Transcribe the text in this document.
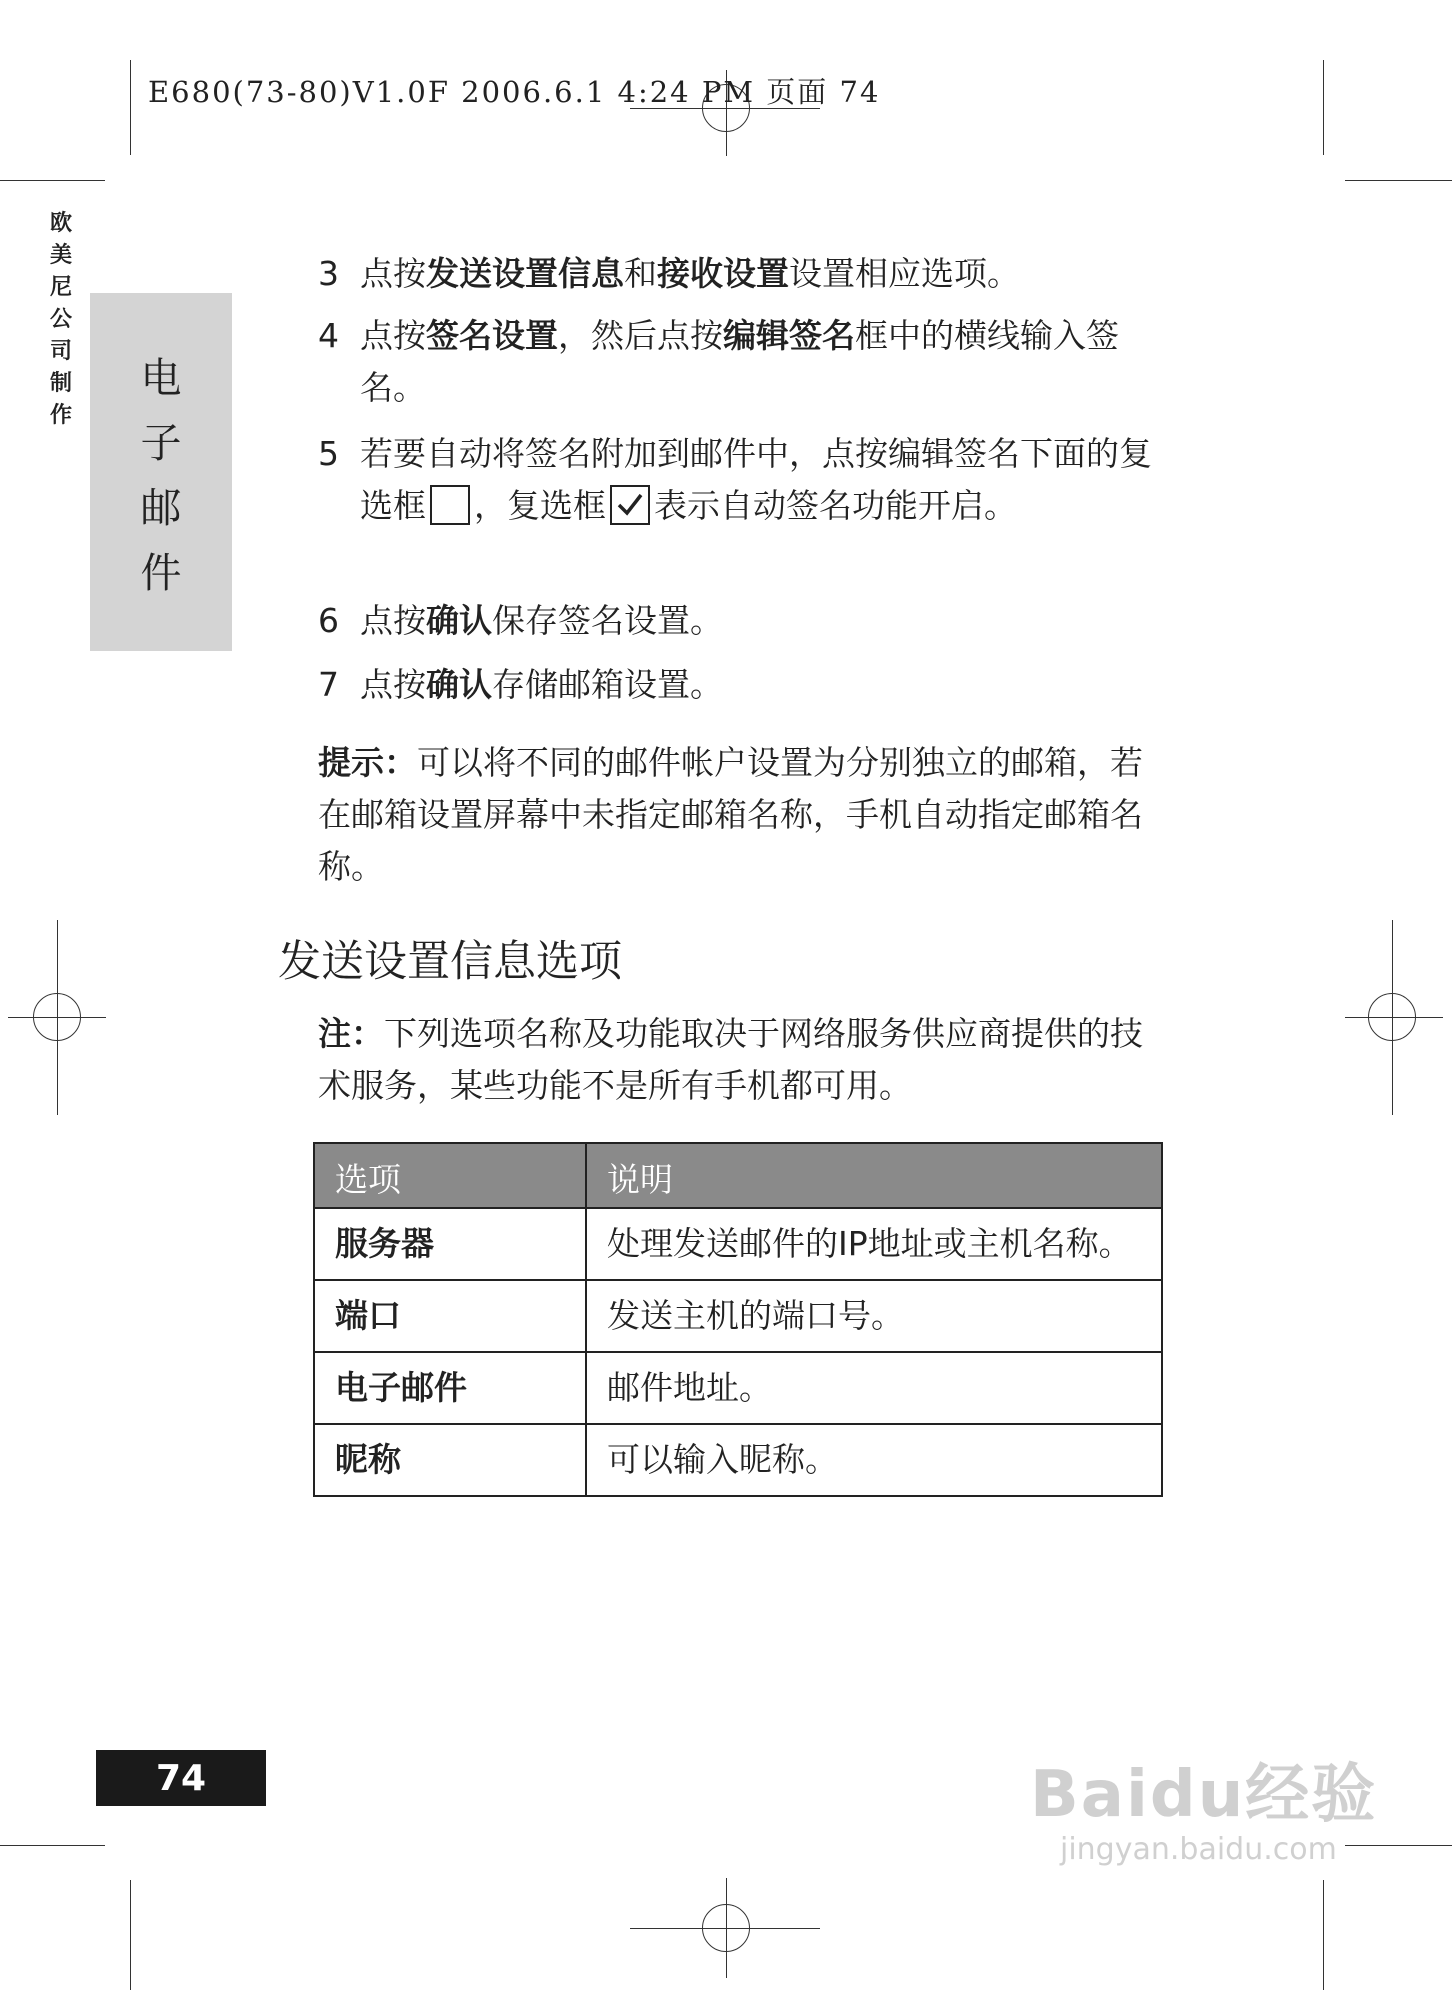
E680(73-80)V1.0F 2006.6.1 4:24 PM 页面 74
欧
美
尼
公
司
制
作
电
子
邮
件
3 点按发送设置信息和接收设置设置相应选项。
4 点按签名设置，然后点按编辑签名框中的横线输入签名。
5 若要自动将签名附加到邮件中，点按编辑签名下面的复选框 ，复选框 表示自动签名功能开启。
6 点按确认保存签名设置。
7 点按确认存储邮箱设置。
提示：可以将不同的邮件帐户设置为分别独立的邮箱，若在邮箱设置屏幕中未指定邮箱名称，手机自动指定邮箱名称。
发送设置信息选项
注：下列选项名称及功能取决于网络服务供应商提供的技术服务，某些功能不是所有手机都可用。
选项	说明
服务器	处理发送邮件的IP地址或主机名称。
端口	发送主机的端口号。
电子邮件	邮件地址。
昵称	可以输入昵称。
74	Baidu经验
jingyan.baidu.com
